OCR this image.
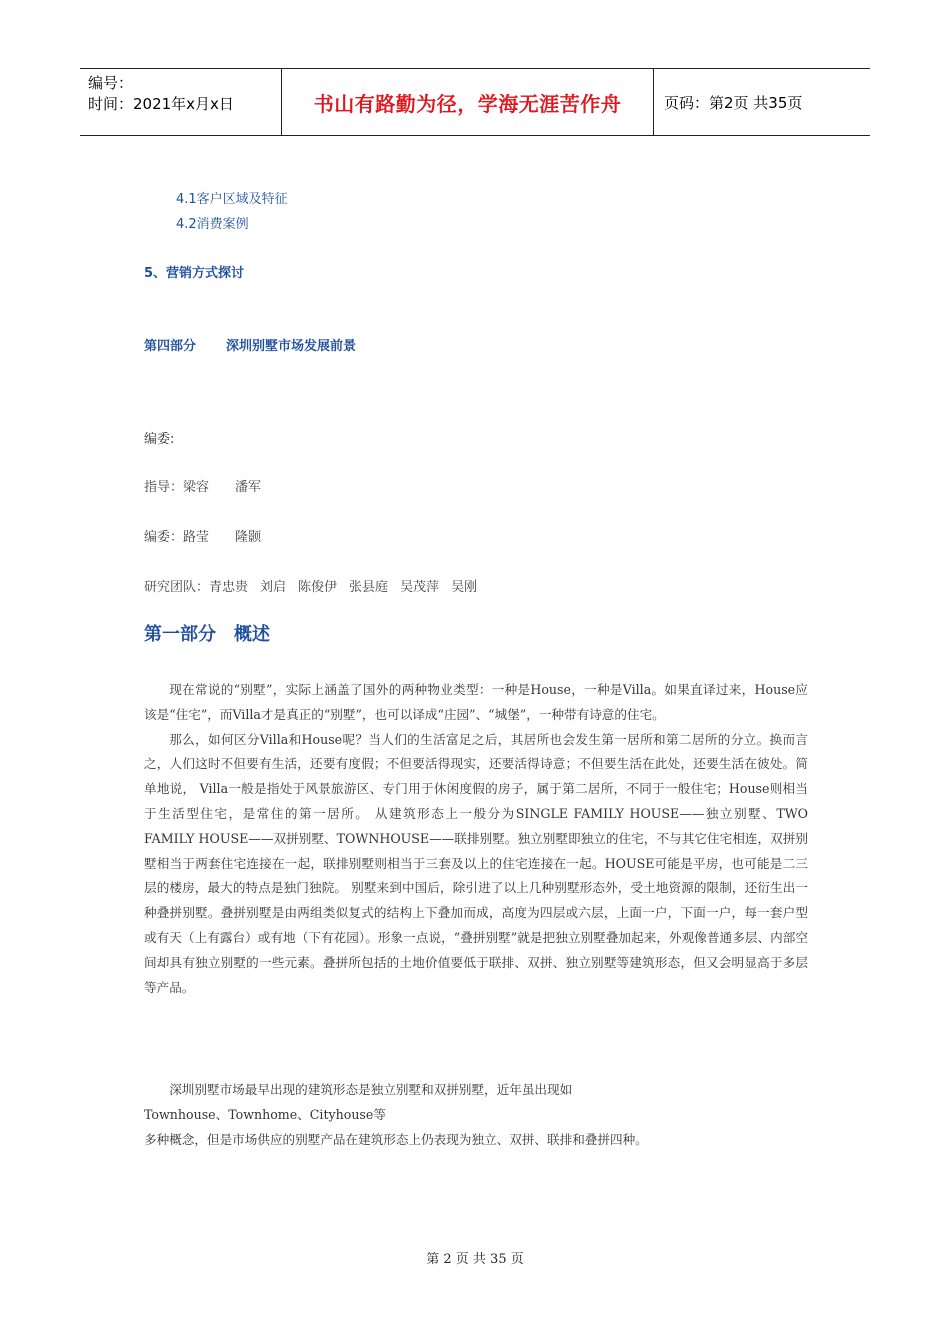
编号：
时间：2021年x月x日	书山有路勤为径，学海无涯苦作舟	页码：第2页 共35页
4.1客户区域及特征
4.2消费案例
5、营销方式探讨
第四部分 深圳别墅市场发展前景
编委:
指导：梁容 潘军
编委：路莹 隆颢
研究团队：青忠贵 刘启 陈俊伊 张县庭 吴茂萍 吴刚
第一部分 概述

现在常说的“别墅”，实际上涵盖了国外的两种物业类型：一种是House，一种是Villa。如果直译过来，House应该是“住宅”，而Villa才是真正的“别墅”，也可以译成“庄园”、“城堡”，一种带有诗意的住宅。

那么，如何区分Villa和House呢？当人们的生活富足之后，其居所也会发生第一居所和第二居所的分立。换而言之，人们这时不但要有生活，还要有度假；不但要活得现实，还要活得诗意；不但要生活在此处，还要生活在彼处。简单地说， Villa一般是指处于风景旅游区、专门用于休闲度假的房子，属于第二居所，不同于一般住宅；House则相当于生活型住宅，是常住的第一居所。 从建筑形态上一般分为SINGLE FAMILY HOUSE——独立别墅、TWO FAMILY HOUSE——双拼别墅、TOWNHOUSE——联排别墅。独立别墅即独立的住宅，不与其它住宅相连，双拼别墅相当于两套住宅连接在一起，联排别墅则相当于三套及以上的住宅连接在一起。HOUSE可能是平房，也可能是二三层的楼房，最大的特点是独门独院。 别墅来到中国后，除引进了以上几种别墅形态外，受土地资源的限制，还衍生出一种叠拼别墅。叠拼别墅是由两组类似复式的结构上下叠加而成，高度为四层或六层，上面一户，下面一户，每一套户型或有天（上有露台）或有地（下有花园）。形象一点说，“叠拼别墅”就是把独立别墅叠加起来，外观像普通多层、内部空间却具有独立别墅的一些元素。叠拼所包括的土地价值要低于联排、双拼、独立别墅等建筑形态，但又会明显高于多层等产品。

深圳别墅市场最早出现的建筑形态是独立别墅和双拼别墅，近年虽出现如
Townhouse、Townhome、Cityhouse等
多种概念，但是市场供应的别墅产品在建筑形态上仍表现为独立、双拼、联排和叠拼四种。
第 2 页 共 35 页
